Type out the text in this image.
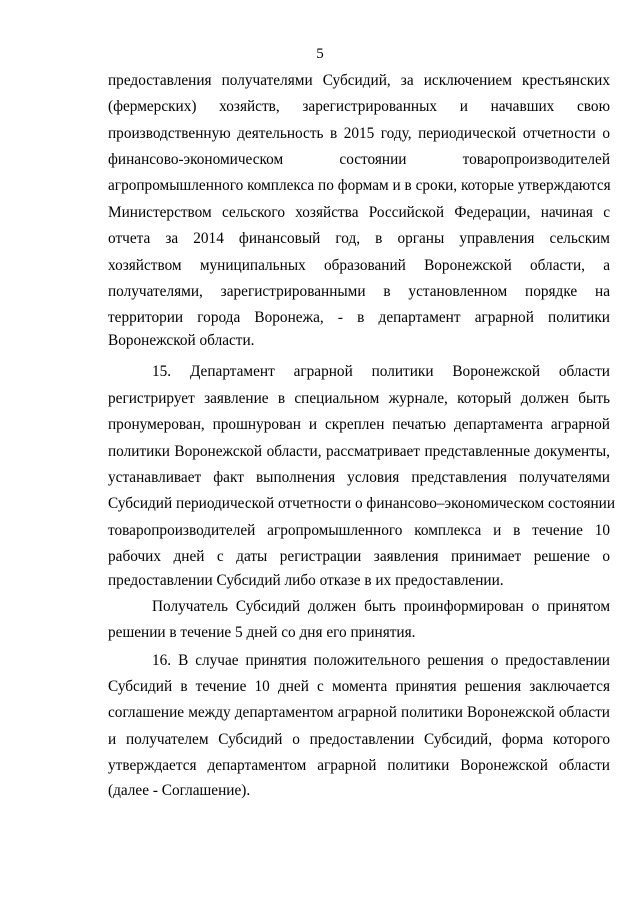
5
предоставления получателями Субсидий, за исключением крестьянских
(фермерских) хозяйств, зарегистрированных и начавших свою
производственную деятельность в 2015 году, периодической отчетности о
финансово-экономическом состоянии товаропроизводителей
агропромышленного комплекса по формам и в сроки, которые утверждаются
Министерством сельского хозяйства Российской Федерации, начиная с
отчета за 2014 финансовый год, в органы управления сельским
хозяйством муниципальных образований Воронежской области, а
получателями, зарегистрированными в установленном порядке на
территории города Воронежа, - в департамент аграрной политики
Воронежской области.
15. Департамент аграрной политики Воронежской области
регистрирует заявление в специальном журнале, который должен быть
пронумерован, прошнурован и скреплен печатью департамента аграрной
политики Воронежской области, рассматривает представленные документы,
устанавливает факт выполнения условия представления получателями
Субсидий периодической отчетности о финансово–экономическом состоянии
товаропроизводителей агропромышленного комплекса и в течение 10
рабочих дней с даты регистрации заявления принимает решение о
предоставлении Субсидий либо отказе в их предоставлении.
Получатель Субсидий должен быть проинформирован о принятом
решении в течение 5 дней со дня его принятия.
16. В случае принятия положительного решения о предоставлении
Субсидий в течение 10 дней с момента принятия решения заключается
соглашение между департаментом аграрной политики Воронежской области
и получателем Субсидий о предоставлении Субсидий, форма которого
утверждается департаментом аграрной политики Воронежской области
(далее - Соглашение).
